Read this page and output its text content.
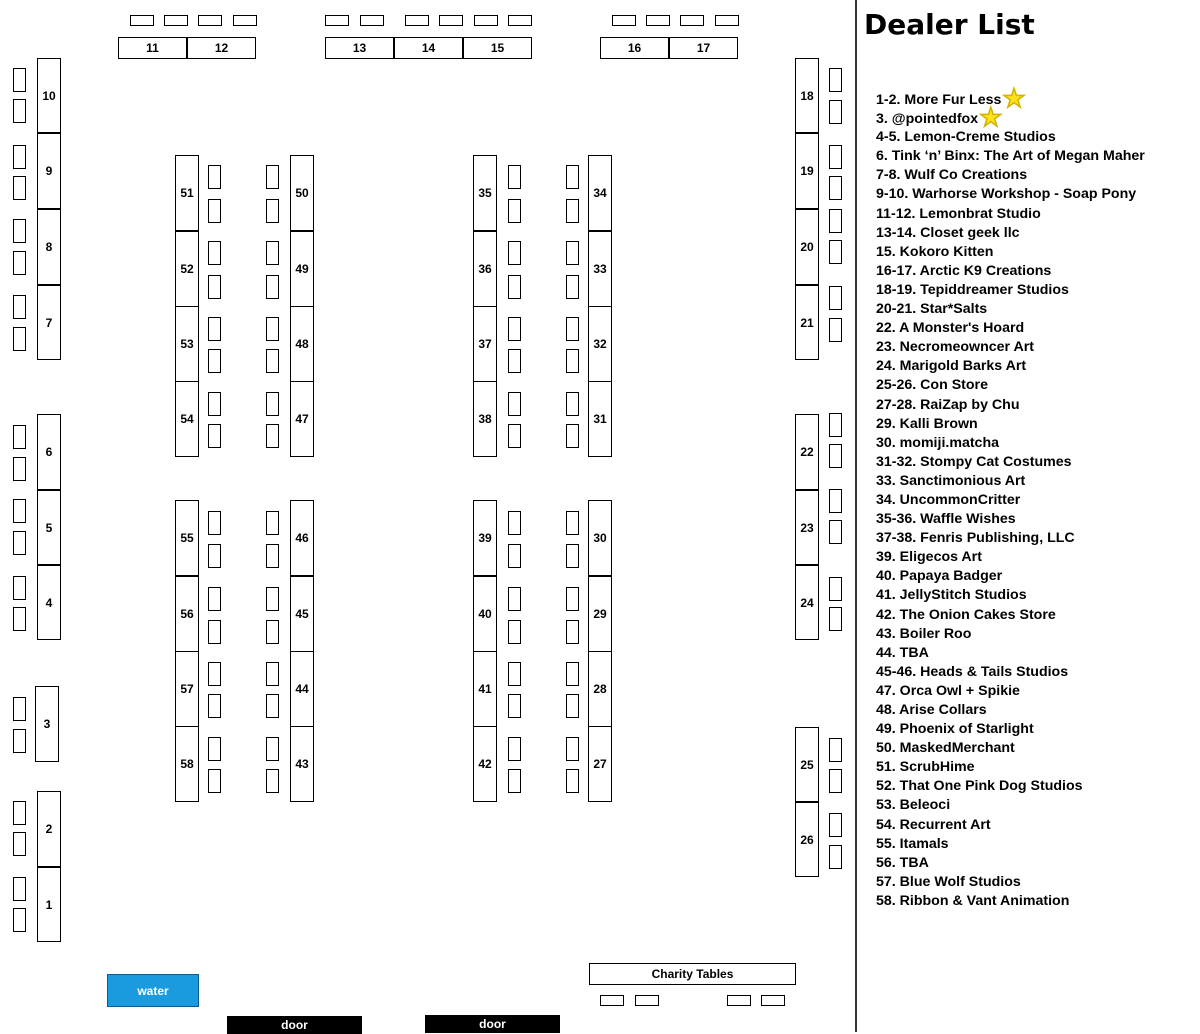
1
2
3
4
5
6
7
8
9
10
11	12	13	14	15	16	17
18
19
20
21
22
23
24
25
26
27
28
29
30
31
32
33
34
35
36
37
38
39
40
41
42
43
44
45
46
47
48
49
50
51
52
53
54
55
56
57
58
water
door	door
Charity Tables
Dealer List
1-2. More Fur Less★
3. @pointedfox★
4-5. Lemon-Creme Studios
6. Tink ‘n’ Binx: The Art of Megan Maher
7-8. Wulf Co Creations
9-10. Warhorse Workshop - Soap Pony
11-12. Lemonbrat Studio
13-14. Closet geek llc
15. Kokoro Kitten
16-17. Arctic K9 Creations
18-19. Tepiddreamer Studios
20-21. Star*Salts
22. A Monster's Hoard
23. Necromeowncer Art
24. Marigold Barks Art
25-26. Con Store
27-28. RaiZap by Chu
29. Kalli Brown
30. momiji.matcha
31-32. Stompy Cat Costumes
33. Sanctimonious Art
34. UncommonCritter
35-36. Waffle Wishes
37-38. Fenris Publishing, LLC
39. Eligecos Art
40. Papaya Badger
41. JellyStitch Studios
42. The Onion Cakes Store
43. Boiler Roo
44. TBA
45-46. Heads & Tails Studios
47. Orca Owl + Spikie
48. Arise Collars
49. Phoenix of Starlight
50. MaskedMerchant
51. ScrubHime
52. That One Pink Dog Studios
53. Beleoci
54. Recurrent Art
55. Itamals
56. TBA
57. Blue Wolf Studios
58. Ribbon & Vant Animation
